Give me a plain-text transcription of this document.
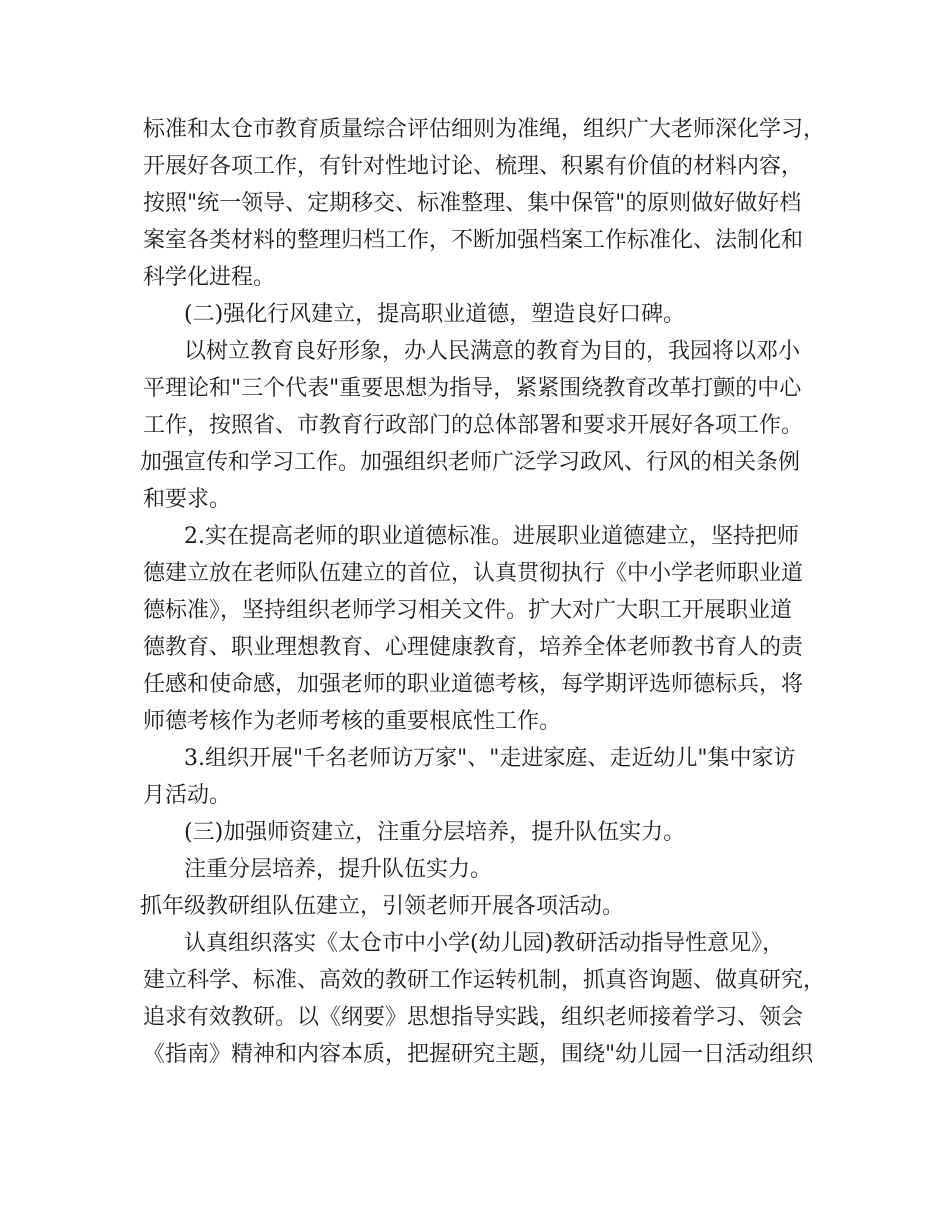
标准和太仓市教育质量综合评估细则为准绳，组织广大老师深化学习，
开展好各项工作，有针对性地讨论、梳理、积累有价值的材料内容，
按照"统一领导、定期移交、标准整理、集中保管"的原则做好做好档
案室各类材料的整理归档工作，不断加强档案工作标准化、法制化和
科学化进程。
(二)强化行风建立，提高职业道德，塑造良好口碑。
以树立教育良好形象，办人民满意的教育为目的，我园将以邓小
平理论和"三个代表"重要思想为指导，紧紧围绕教育改革打颤的中心
工作，按照省、市教育行政部门的总体部署和要求开展好各项工作。
加强宣传和学习工作。加强组织老师广泛学习政风、行风的相关条例
和要求。
2.实在提高老师的职业道德标准。进展职业道德建立，坚持把师
德建立放在老师队伍建立的首位，认真贯彻执行《中小学老师职业道
德标准》，坚持组织老师学习相关文件。扩大对广大职工开展职业道
德教育、职业理想教育、心理健康教育，培养全体老师教书育人的责
任感和使命感，加强老师的职业道德考核，每学期评选师德标兵，将
师德考核作为老师考核的重要根底性工作。
3.组织开展"千名老师访万家"、"走进家庭、走近幼儿"集中家访
月活动。
(三)加强师资建立，注重分层培养，提升队伍实力。
注重分层培养，提升队伍实力。
抓年级教研组队伍建立，引领老师开展各项活动。
认真组织落实《太仓市中小学(幼儿园)教研活动指导性意见》，
建立科学、标准、高效的教研工作运转机制，抓真咨询题、做真研究，
追求有效教研。以《纲要》思想指导实践，组织老师接着学习、领会
《指南》精神和内容本质，把握研究主题，围绕"幼儿园一日活动组织
